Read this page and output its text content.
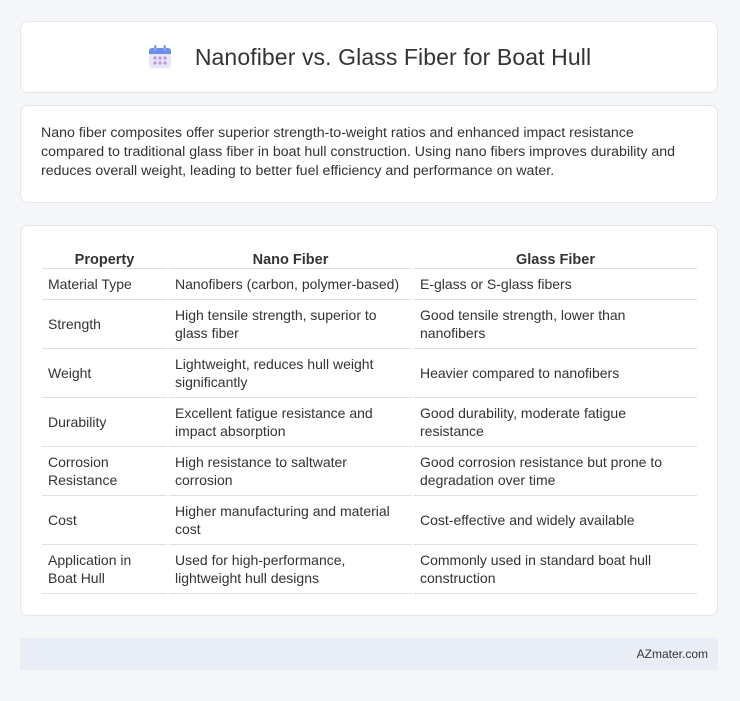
Nanofiber vs. Glass Fiber for Boat Hull

Nano fiber composites offer superior strength-to-weight ratios and enhanced impact resistance compared to traditional glass fiber in boat hull construction. Using nano fibers improves durability and reduces overall weight, leading to better fuel efficiency and performance on water.

Property	Nano Fiber	Glass Fiber
Material Type	Nanofibers (carbon, polymer-based)	E-glass or S-glass fibers
Strength	High tensile strength, superior to glass fiber	Good tensile strength, lower than nanofibers
Weight	Lightweight, reduces hull weight significantly	Heavier compared to nanofibers
Durability	Excellent fatigue resistance and impact absorption	Good durability, moderate fatigue resistance
Corrosion Resistance	High resistance to saltwater corrosion	Good corrosion resistance but prone to degradation over time
Cost	Higher manufacturing and material cost	Cost-effective and widely available
Application in Boat Hull	Used for high-performance, lightweight hull designs	Commonly used in standard boat hull construction
AZmater.com
